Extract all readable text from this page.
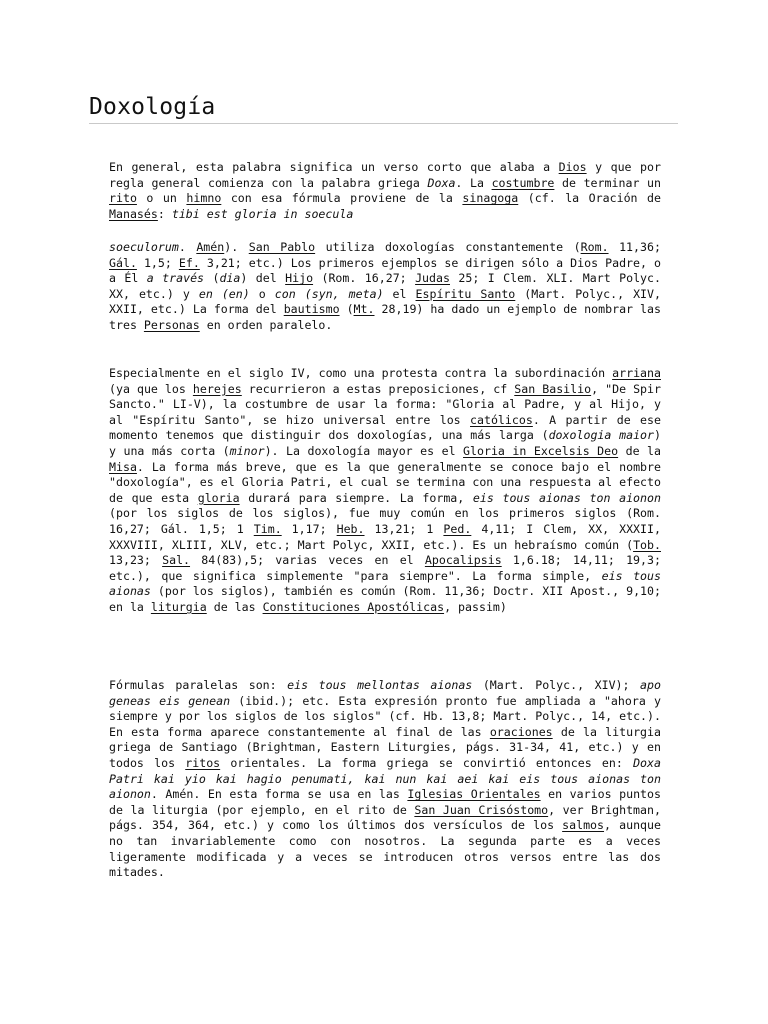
Doxología
En general, esta palabra significa un verso corto que alaba a Dios y que por regla general comienza con la palabra griega Doxa. La costumbre de terminar un rito o un himno con esa fórmula proviene de la sinagoga (cf. la Oración de Manasés: tibi est gloria in soecula
soeculorum. Amén). San Pablo utiliza doxologías constantemente (Rom. 11,36; Gál. 1,5; Ef. 3,21; etc.) Los primeros ejemplos se dirigen sólo a Dios Padre, o a Él a través (dia) del Hijo (Rom. 16,27; Judas 25; I Clem. XLI. Mart Polyc. XX, etc.) y en (en) o con (syn, meta) el Espíritu Santo (Mart. Polyc., XIV, XXII, etc.) La forma del bautismo (Mt. 28,19) ha dado un ejemplo de nombrar las tres Personas en orden paralelo.
Especialmente en el siglo IV, como una protesta contra la subordinación arriana (ya que los herejes recurrieron a estas preposiciones, cf San Basilio, "De Spir Sancto." LI-V), la costumbre de usar la forma: "Gloria al Padre, y al Hijo, y al "Espíritu Santo", se hizo universal entre los católicos. A partir de ese momento tenemos que distinguir dos doxologías, una más larga (doxologia maior) y una más corta (minor). La doxología mayor es el Gloria in Excelsis Deo de la Misa. La forma más breve, que es la que generalmente se conoce bajo el nombre "doxología", es el Gloria Patri, el cual se termina con una respuesta al efecto de que esta gloria durará para siempre. La forma, eis tous aionas ton aionon (por los siglos de los siglos), fue muy común en los primeros siglos (Rom. 16,27; Gál. 1,5; 1 Tim. 1,17; Heb. 13,21; 1 Ped. 4,11; I Clem, XX, XXXII, XXXVIII, XLIII, XLV, etc.; Mart Polyc, XXII, etc.). Es un hebraísmo común (Tob. 13,23; Sal. 84(83),5; varias veces en el Apocalipsis 1,6.18; 14,11; 19,3; etc.), que significa simplemente "para siempre". La forma simple, eis tous aionas (por los siglos), también es común (Rom. 11,36; Doctr. XII Apost., 9,10; en la liturgia de las Constituciones Apostólicas, passim)
Fórmulas paralelas son: eis tous mellontas aionas (Mart. Polyc., XIV); apo geneas eis genean (ibid.); etc. Esta expresión pronto fue ampliada a "ahora y siempre y por los siglos de los siglos" (cf. Hb. 13,8; Mart. Polyc., 14, etc.). En esta forma aparece constantemente al final de las oraciones de la liturgia griega de Santiago (Brightman, Eastern Liturgies, págs. 31-34, 41, etc.) y en todos los ritos orientales. La forma griega se convirtió entonces en: Doxa Patri kai yio kai hagio penumati, kai nun kai aei kai eis tous aionas ton aionon. Amén. En esta forma se usa en las Iglesias Orientales en varios puntos de la liturgia (por ejemplo, en el rito de San Juan Crisóstomo, ver Brightman, págs. 354, 364, etc.) y como los últimos dos versículos de los salmos, aunque no tan invariablemente como con nosotros. La segunda parte es a veces ligeramente modificada y a veces se introducen otros versos entre las dos mitades.
